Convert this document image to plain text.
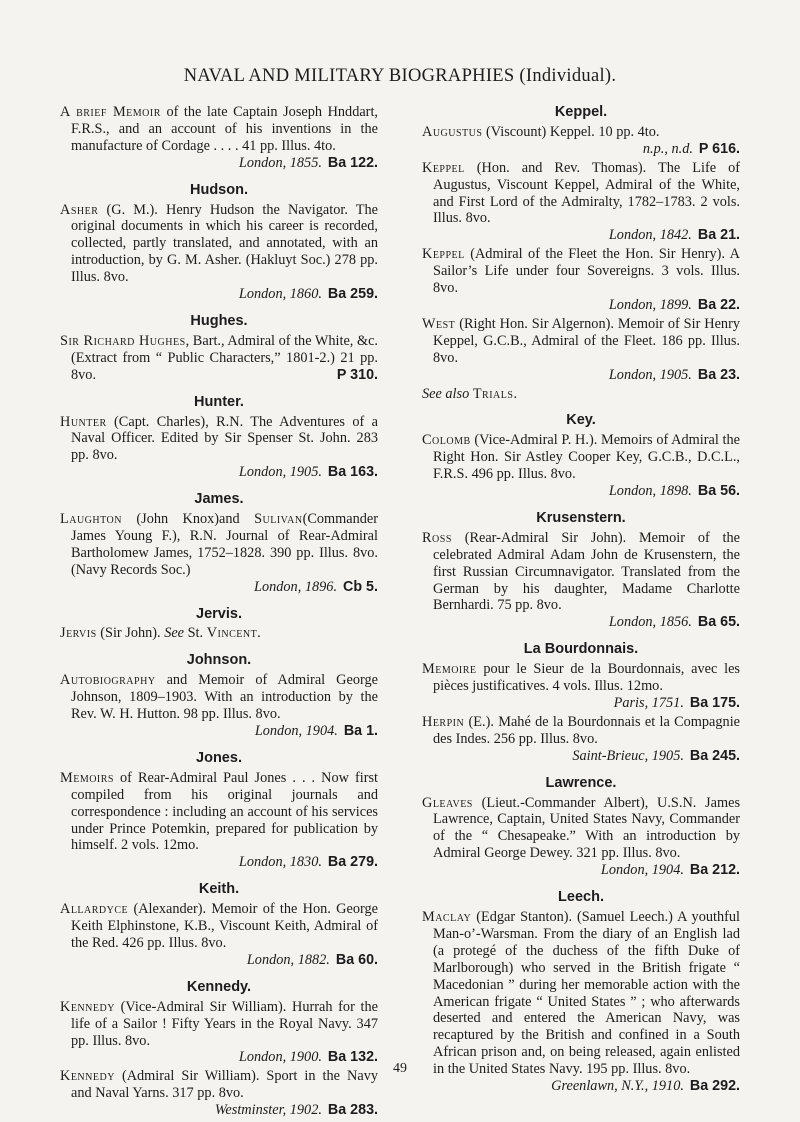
NAVAL AND MILITARY BIOGRAPHIES (Individual).
A brief Memoir of the late Captain Joseph Hnddart, F.R.S., and an account of his inventions in the manufacture of Cordage . . . . 41 pp. Illus. 4to.
London, 1855. Ba 122.
Hudson.
Asher (G. M.). Henry Hudson the Navigator. The original documents in which his career is recorded, collected, partly translated, and annotated, with an introduction, by G. M. Asher. (Hakluyt Soc.) 278 pp. Illus. 8vo.
London, 1860. Ba 259.
Hughes.
Sir Richard Hughes, Bart., Admiral of the White, &c. (Extract from “ Public Characters,” 1801-2.) 21 pp. 8vo.	P 310.
Hunter.
Hunter (Capt. Charles), R.N. The Adventures of a Naval Officer. Edited by Sir Spenser St. John. 283 pp. 8vo.
London, 1905. Ba 163.
James.
Laughton (John Knox)and Sulivan(Commander James Young F.), R.N. Journal of Rear-Admiral Bartholomew James, 1752–1828. 390 pp. Illus. 8vo. (Navy Records Soc.)
London, 1896. Cb 5.
Jervis.
Jervis (Sir John). See St. Vincent.
Johnson.
Autobiography and Memoir of Admiral George Johnson, 1809–1903. With an introduction by the Rev. W. H. Hutton. 98 pp. Illus. 8vo.
London, 1904. Ba 1.
Jones.
Memoirs of Rear-Admiral Paul Jones . . . Now first compiled from his original journals and correspondence : including an account of his services under Prince Potemkin, prepared for publication by himself. 2 vols. 12mo.
London, 1830. Ba 279.
Keith.
Allardyce (Alexander). Memoir of the Hon. George Keith Elphinstone, K.B., Viscount Keith, Admiral of the Red. 426 pp. Illus. 8vo.
London, 1882. Ba 60.
Kennedy.
Kennedy (Vice-Admiral Sir William). Hurrah for the life of a Sailor ! Fifty Years in the Royal Navy. 347 pp. Illus. 8vo.
London, 1900. Ba 132.
Kennedy (Admiral Sir William). Sport in the Navy and Naval Yarns. 317 pp. 8vo.
Westminster, 1902. Ba 283.
Keppel.
Augustus (Viscount) Keppel. 10 pp. 4to.
n.p., n.d. P 616.
Keppel (Hon. and Rev. Thomas). The Life of Augustus, Viscount Keppel, Admiral of the White, and First Lord of the Admiralty, 1782–1783. 2 vols. Illus. 8vo.
London, 1842. Ba 21.
Keppel (Admiral of the Fleet the Hon. Sir Henry). A Sailor’s Life under four Sovereigns. 3 vols. Illus. 8vo.
London, 1899. Ba 22.
West (Right Hon. Sir Algernon). Memoir of Sir Henry Keppel, G.C.B., Admiral of the Fleet. 186 pp. Illus. 8vo.
London, 1905. Ba 23.
See also Trials.
Key.
Colomb (Vice-Admiral P. H.). Memoirs of Admiral the Right Hon. Sir Astley Cooper Key, G.C.B., D.C.L., F.R.S. 496 pp. Illus. 8vo.
London, 1898. Ba 56.
Krusenstern.
Ross (Rear-Admiral Sir John). Memoir of the celebrated Admiral Adam John de Krusenstern, the first Russian Circumnavigator. Translated from the German by his daughter, Madame Charlotte Bernhardi. 75 pp. 8vo.
London, 1856. Ba 65.
La Bourdonnais.
Memoire pour le Sieur de la Bourdonnais, avec les pièces justificatives. 4 vols. Illus. 12mo.
Paris, 1751. Ba 175.
Herpin (E.). Mahé de la Bourdonnais et la Compagnie des Indes. 256 pp. Illus. 8vo.
Saint-Brieuc, 1905. Ba 245.
Lawrence.
Gleaves (Lieut.-Commander Albert), U.S.N. James Lawrence, Captain, United States Navy, Commander of the “ Chesapeake.” With an introduction by Admiral George Dewey. 321 pp. Illus. 8vo.
London, 1904. Ba 212.
Leech.
Maclay (Edgar Stanton). (Samuel Leech.) A youthful Man-o’-Warsman. From the diary of an English lad (a protegé of the duchess of the fifth Duke of Marlborough) who served in the British frigate “ Macedonian ” during her memorable action with the American frigate “ United States ” ; who afterwards deserted and entered the American Navy, was recaptured by the British and confined in a South African prison and, on being released, again enlisted in the United States Navy. 195 pp. Illus. 8vo.
Greenlawn, N.Y., 1910. Ba 292.
49
